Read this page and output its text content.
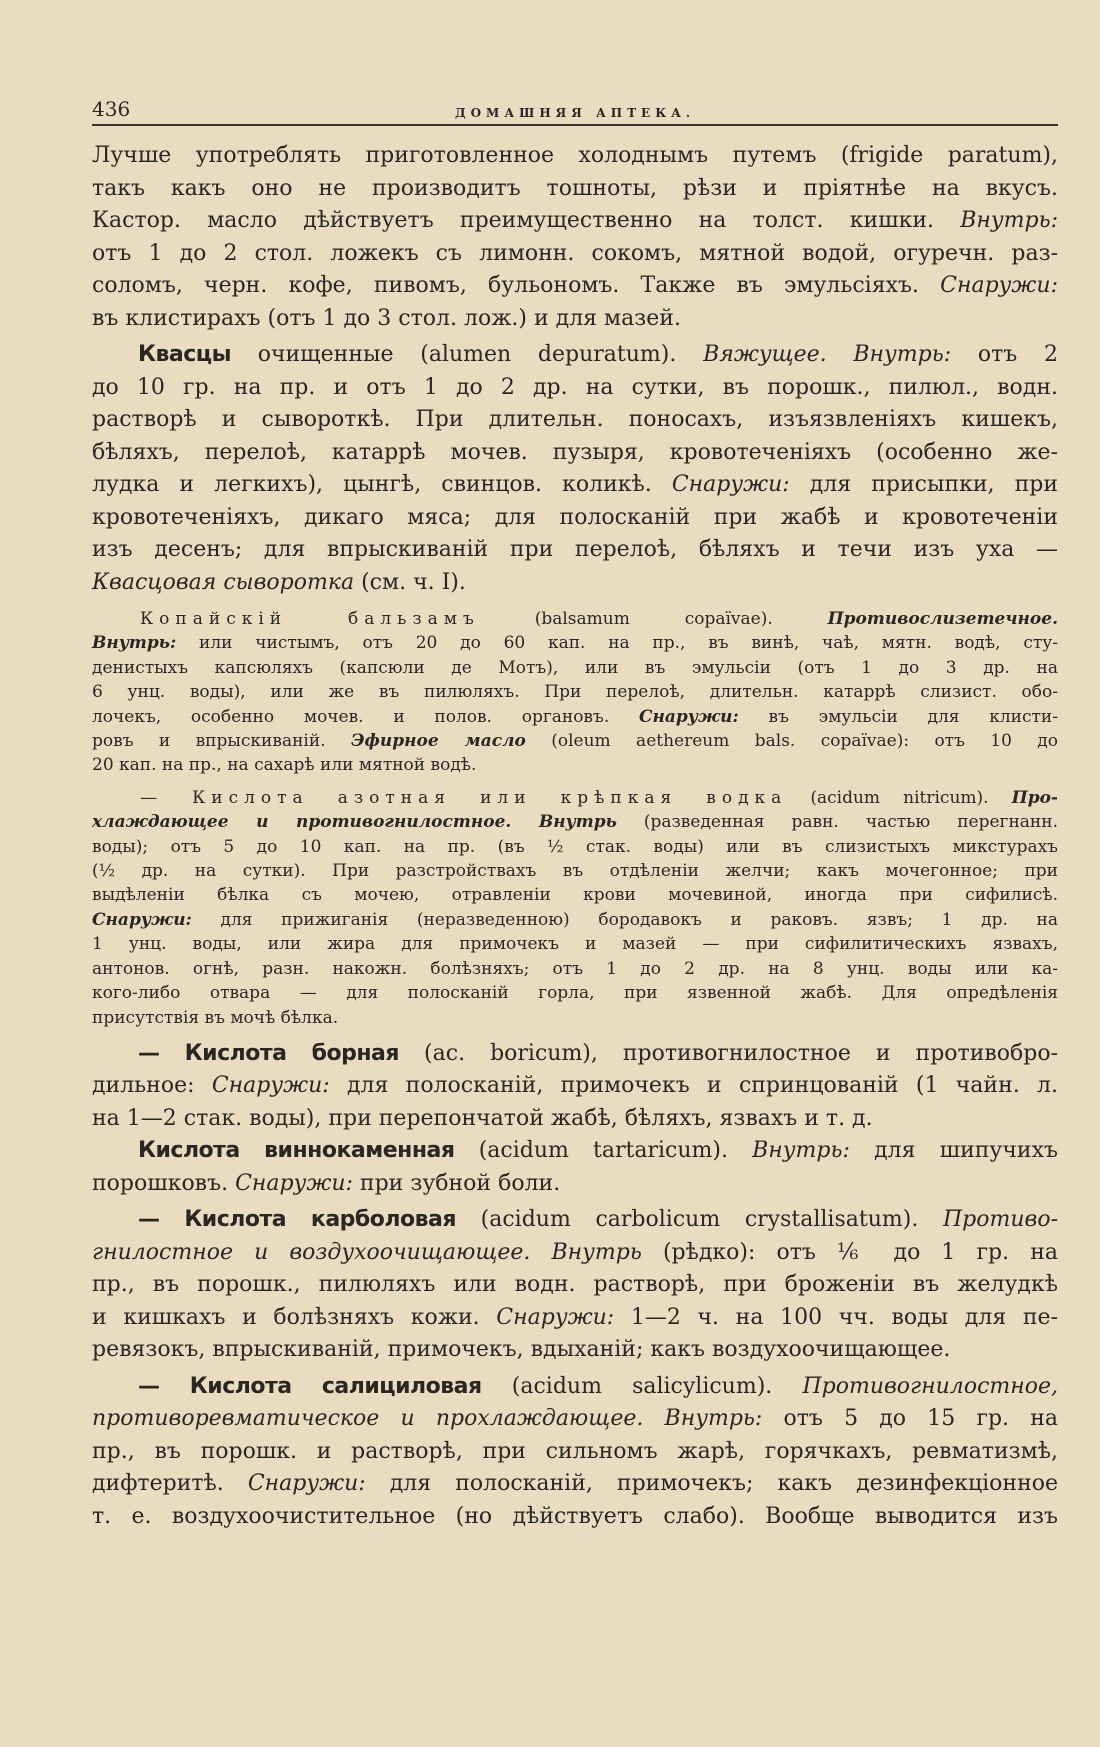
436	ДОМАШНЯЯ АПТЕКА.

Лучше употреблять приготовленное холоднымъ путемъ (frigide paratum),

такъ какъ оно не производитъ тошноты, рѣзи и пріятнѣе на вкусъ.

Кастор. масло дѣйствуетъ преимущественно на толст. кишки. Внутрь:

отъ 1 до 2 стол. ложекъ съ лимонн. сокомъ, мятной водой, огуречн. раз-

соломъ, черн. кофе, пивомъ, бульономъ. Также въ эмульсіяхъ. Снаружи:

въ клистирахъ (отъ 1 до 3 стол. лож.) и для мазей.

Квасцы очищенные (alumen depuratum). Вяжущее. Внутрь: отъ 2

до 10 гр. на пр. и отъ 1 до 2 др. на сутки, въ порошк., пилюл., водн.

растворѣ и сывороткѣ. При длительн. поносахъ, изъязвленіяхъ кишекъ,

бѣляхъ, перелоѣ, катаррѣ мочев. пузыря, кровотеченіяхъ (особенно же-

лудка и легкихъ), цынгѣ, свинцов. коликѣ. Снаружи: для присыпки, при

кровотеченіяхъ, дикаго мяса; для полосканій при жабѣ и кровотеченіи

изъ десенъ; для впрыскиваній при перелоѣ, бѣляхъ и течи изъ уха —

Квасцовая сыворотка (см. ч. I).

Копайскій бальзамъ (balsamum copaïvae).	Противослизетечное.

Внутрь: или чистымъ, отъ 20 до 60 кап. на пр., въ винѣ, чаѣ, мятн. водѣ, сту-

денистыхъ капсюляхъ (капсюли де Мотъ), или въ эмульсіи (отъ 1 до 3 др. на

6 унц. воды), или же въ пилюляхъ. При перелоѣ, длительн. катаррѣ слизист. обо-

лочекъ, особенно мочев. и полов. органовъ. Снаружи: въ эмульсіи для клисти-

ровъ и впрыскиваній. Эфирное масло (oleum aethereum bals. copaïvae): отъ 10 до

20 кап. на пр., на сахарѣ или мятной водѣ.

— Кислота азотная или крѣпкая водка (acidum nitricum). Про-

хлаждающее и противогнилостное. Внутрь (разведенная равн. частью перегнанн.

воды); отъ 5 до 10 кап. на пр. (въ ½ стак. воды) или въ слизистыхъ микстурахъ

(½ др. на сутки). При разстройствахъ въ отдѣленіи желчи; какъ мочегонное; при

выдѣленіи бѣлка съ мочею, отравленіи крови мочевиной, иногда при сифилисѣ.

Снаружи: для прижиганія (неразведенною) бородавокъ и раковъ. язвъ; 1 др. на

1 унц. воды, или жира для примочекъ и мазей — при сифилитическихъ язвахъ,

антонов. огнѣ, разн. накожн. болѣзняхъ; отъ 1 до 2 др. на 8 унц. воды или ка-

кого-либо отвара — для полосканій горла, при язвенной жабѣ. Для опредѣленія

присутствія въ мочѣ бѣлка.

— Кислота борная (ac. boricum), противогнилостное и противобро-

дильное: Снаружи: для полосканій, примочекъ и спринцованій (1 чайн. л.

на 1—2 стак. воды), при перепончатой жабѣ, бѣляхъ, язвахъ и т. д.

Кислота виннокаменная (acidum tartaricum). Внутрь: для шипучихъ

порошковъ. Снаружи: при зубной боли.

— Кислота карболовая (acidum carbolicum crystallisatum). Противо-

гнилостное и воздухоочищающее. Внутрь (рѣдко): отъ ⅙ до 1 гр. на

пр., въ порошк., пилюляхъ или водн. растворѣ, при броженіи въ желудкѣ

и кишкахъ и болѣзняхъ кожи. Снаружи: 1—2 ч. на 100 чч. воды для пе-

ревязокъ, впрыскиваній, примочекъ, вдыханій; какъ воздухоочищающее.

— Кислота салициловая (acidum salicylicum). Противогнилостное,

противоревматическое и прохлаждающее. Внутрь: отъ 5 до 15 гр. на

пр., въ порошк. и растворѣ, при сильномъ жарѣ, горячкахъ, ревматизмѣ,

дифтеритѣ. Снаружи: для полосканій, примочекъ; какъ дезинфекціонное

т. е. воздухоочистительное (но дѣйствуетъ слабо). Вообще выводится изъ
